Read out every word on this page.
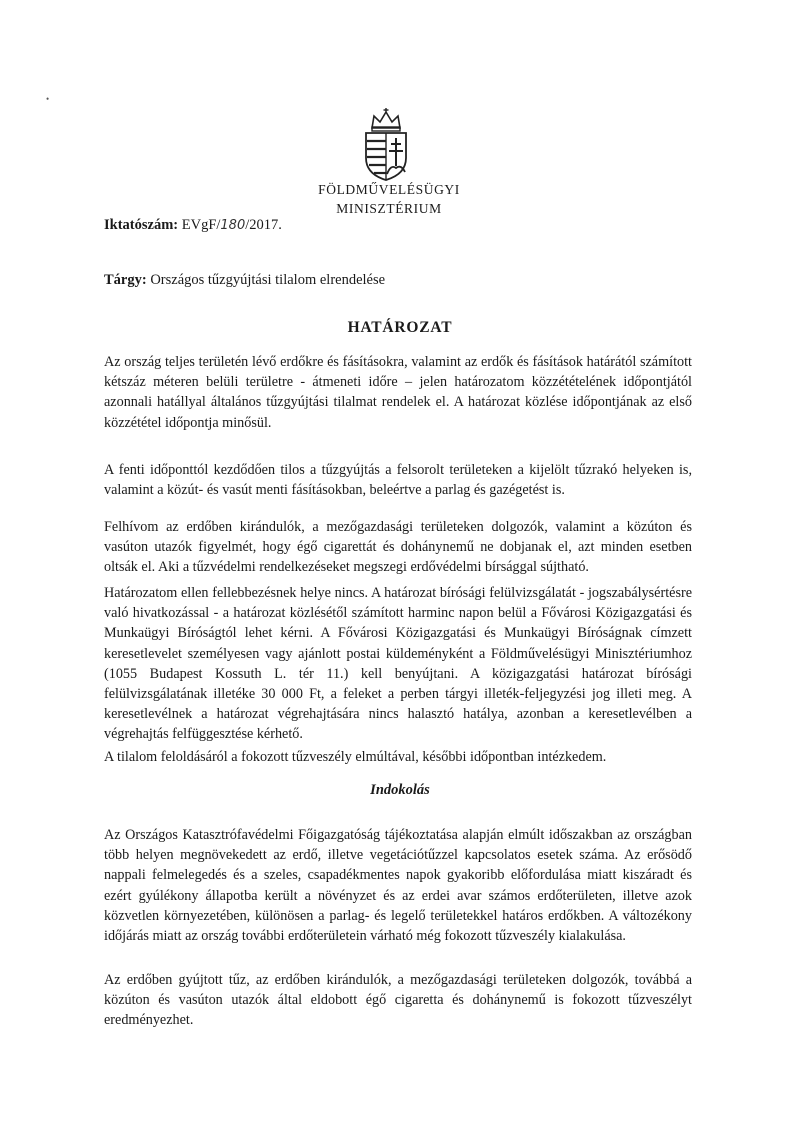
•
FÖLDMŰVELÉSÜGYI
MINISZTÉRIUM
Iktatószám: EVgF/180/2017.
Tárgy: Országos tűzgyújtási tilalom elrendelése
HATÁROZAT

Az ország teljes területén lévő erdőkre és fásításokra, valamint az erdők és fásítások határától számított kétszáz méteren belüli területre - átmeneti időre – jelen határozatom közzétételének időpontjától azonnali hatállyal általános tűzgyújtási tilalmat rendelek el. A határozat közlése időpontjának az első közzététel időpontja minősül.

A fenti időponttól kezdődően tilos a tűzgyújtás a felsorolt területeken a kijelölt tűzrakó helyeken is, valamint a közút- és vasút menti fásításokban, beleértve a parlag és gazégetést is.

Felhívom az erdőben kirándulók, a mezőgazdasági területeken dolgozók, valamint a közúton és vasúton utazók figyelmét, hogy égő cigarettát és dohánynemű ne dobjanak el, azt minden esetben oltsák el. Aki a tűzvédelmi rendelkezéseket megszegi erdővédelmi bírsággal sújtható.

Határozatom ellen fellebbezésnek helye nincs. A határozat bírósági felülvizsgálatát - jogszabálysértésre való hivatkozással - a határozat közlésétől számított harminc napon belül a Fővárosi Közigazgatási és Munkaügyi Bíróságtól lehet kérni. A Fővárosi Közigazgatási és Munkaügyi Bíróságnak címzett keresetlevelet személyesen vagy ajánlott postai küldeményként a Földművelésügyi Minisztériumhoz (1055 Budapest Kossuth L. tér 11.) kell benyújtani. A közigazgatási határozat bírósági felülvizsgálatának illetéke 30 000 Ft, a feleket a perben tárgyi illeték-feljegyzési jog illeti meg. A keresetlevélnek a határozat végrehajtására nincs halasztó hatálya, azonban a keresetlevélben a végrehajtás felfüggesztése kérhető.

A tilalom feloldásáról a fokozott tűzveszély elmúltával, későbbi időpontban intézkedem.

Indokolás

Az Országos Katasztrófavédelmi Főigazgatóság tájékoztatása alapján elmúlt időszakban az országban több helyen megnövekedett az erdő, illetve vegetációtűzzel kapcsolatos esetek száma. Az erősödő nappali felmelegedés és a szeles, csapadékmentes napok gyakoribb előfordulása miatt kiszáradt és ezért gyúlékony állapotba került a növényzet és az erdei avar számos erdőterületen, illetve azok közvetlen környezetében, különösen a parlag- és legelő területekkel határos erdőkben. A változékony időjárás miatt az ország további erdőterületein várható még fokozott tűzveszély kialakulása.

Az erdőben gyújtott tűz, az erdőben kirándulók, a mezőgazdasági területeken dolgozók, továbbá a közúton és vasúton utazók által eldobott égő cigaretta és dohánynemű is fokozott tűzveszélyt eredményezhet.
